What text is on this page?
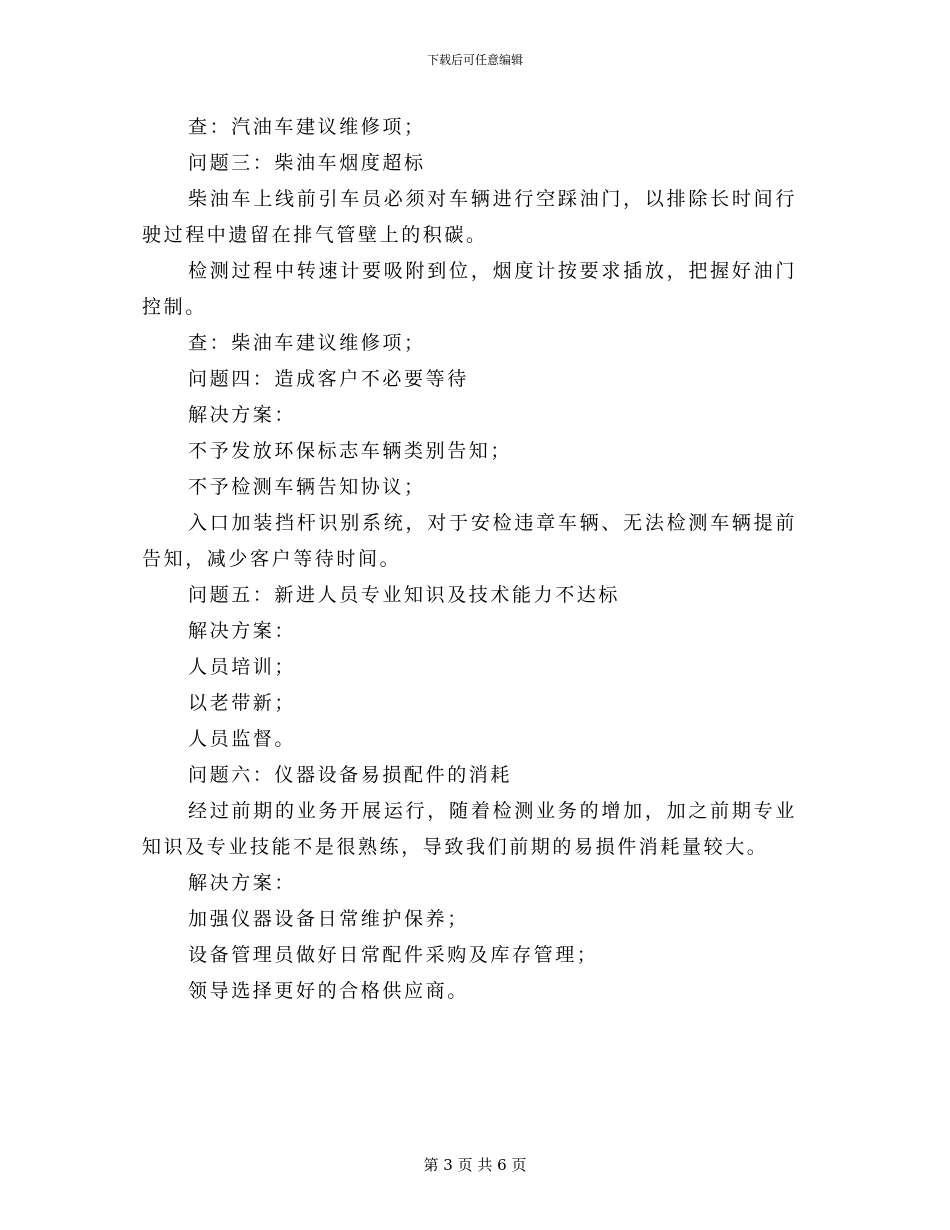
下载后可任意编辑

查：汽油车建议维修项；

问题三：柴油车烟度超标

柴油车上线前引车员必须对车辆进行空踩油门，以排除长时间行驶过程中遗留在排气管壁上的积碳。

检测过程中转速计要吸附到位，烟度计按要求插放，把握好油门控制。

查：柴油车建议维修项；

问题四：造成客户不必要等待

解决方案：

不予发放环保标志车辆类别告知；

不予检测车辆告知协议；

入口加装挡杆识别系统，对于安检违章车辆、无法检测车辆提前告知，减少客户等待时间。

问题五：新进人员专业知识及技术能力不达标

解决方案：

人员培训；

以老带新；

人员监督。

问题六：仪器设备易损配件的消耗

经过前期的业务开展运行，随着检测业务的增加，加之前期专业知识及专业技能不是很熟练，导致我们前期的易损件消耗量较大。

解决方案：

加强仪器设备日常维护保养；

设备管理员做好日常配件采购及库存管理；

领导选择更好的合格供应商。

第 3 页 共 6 页
